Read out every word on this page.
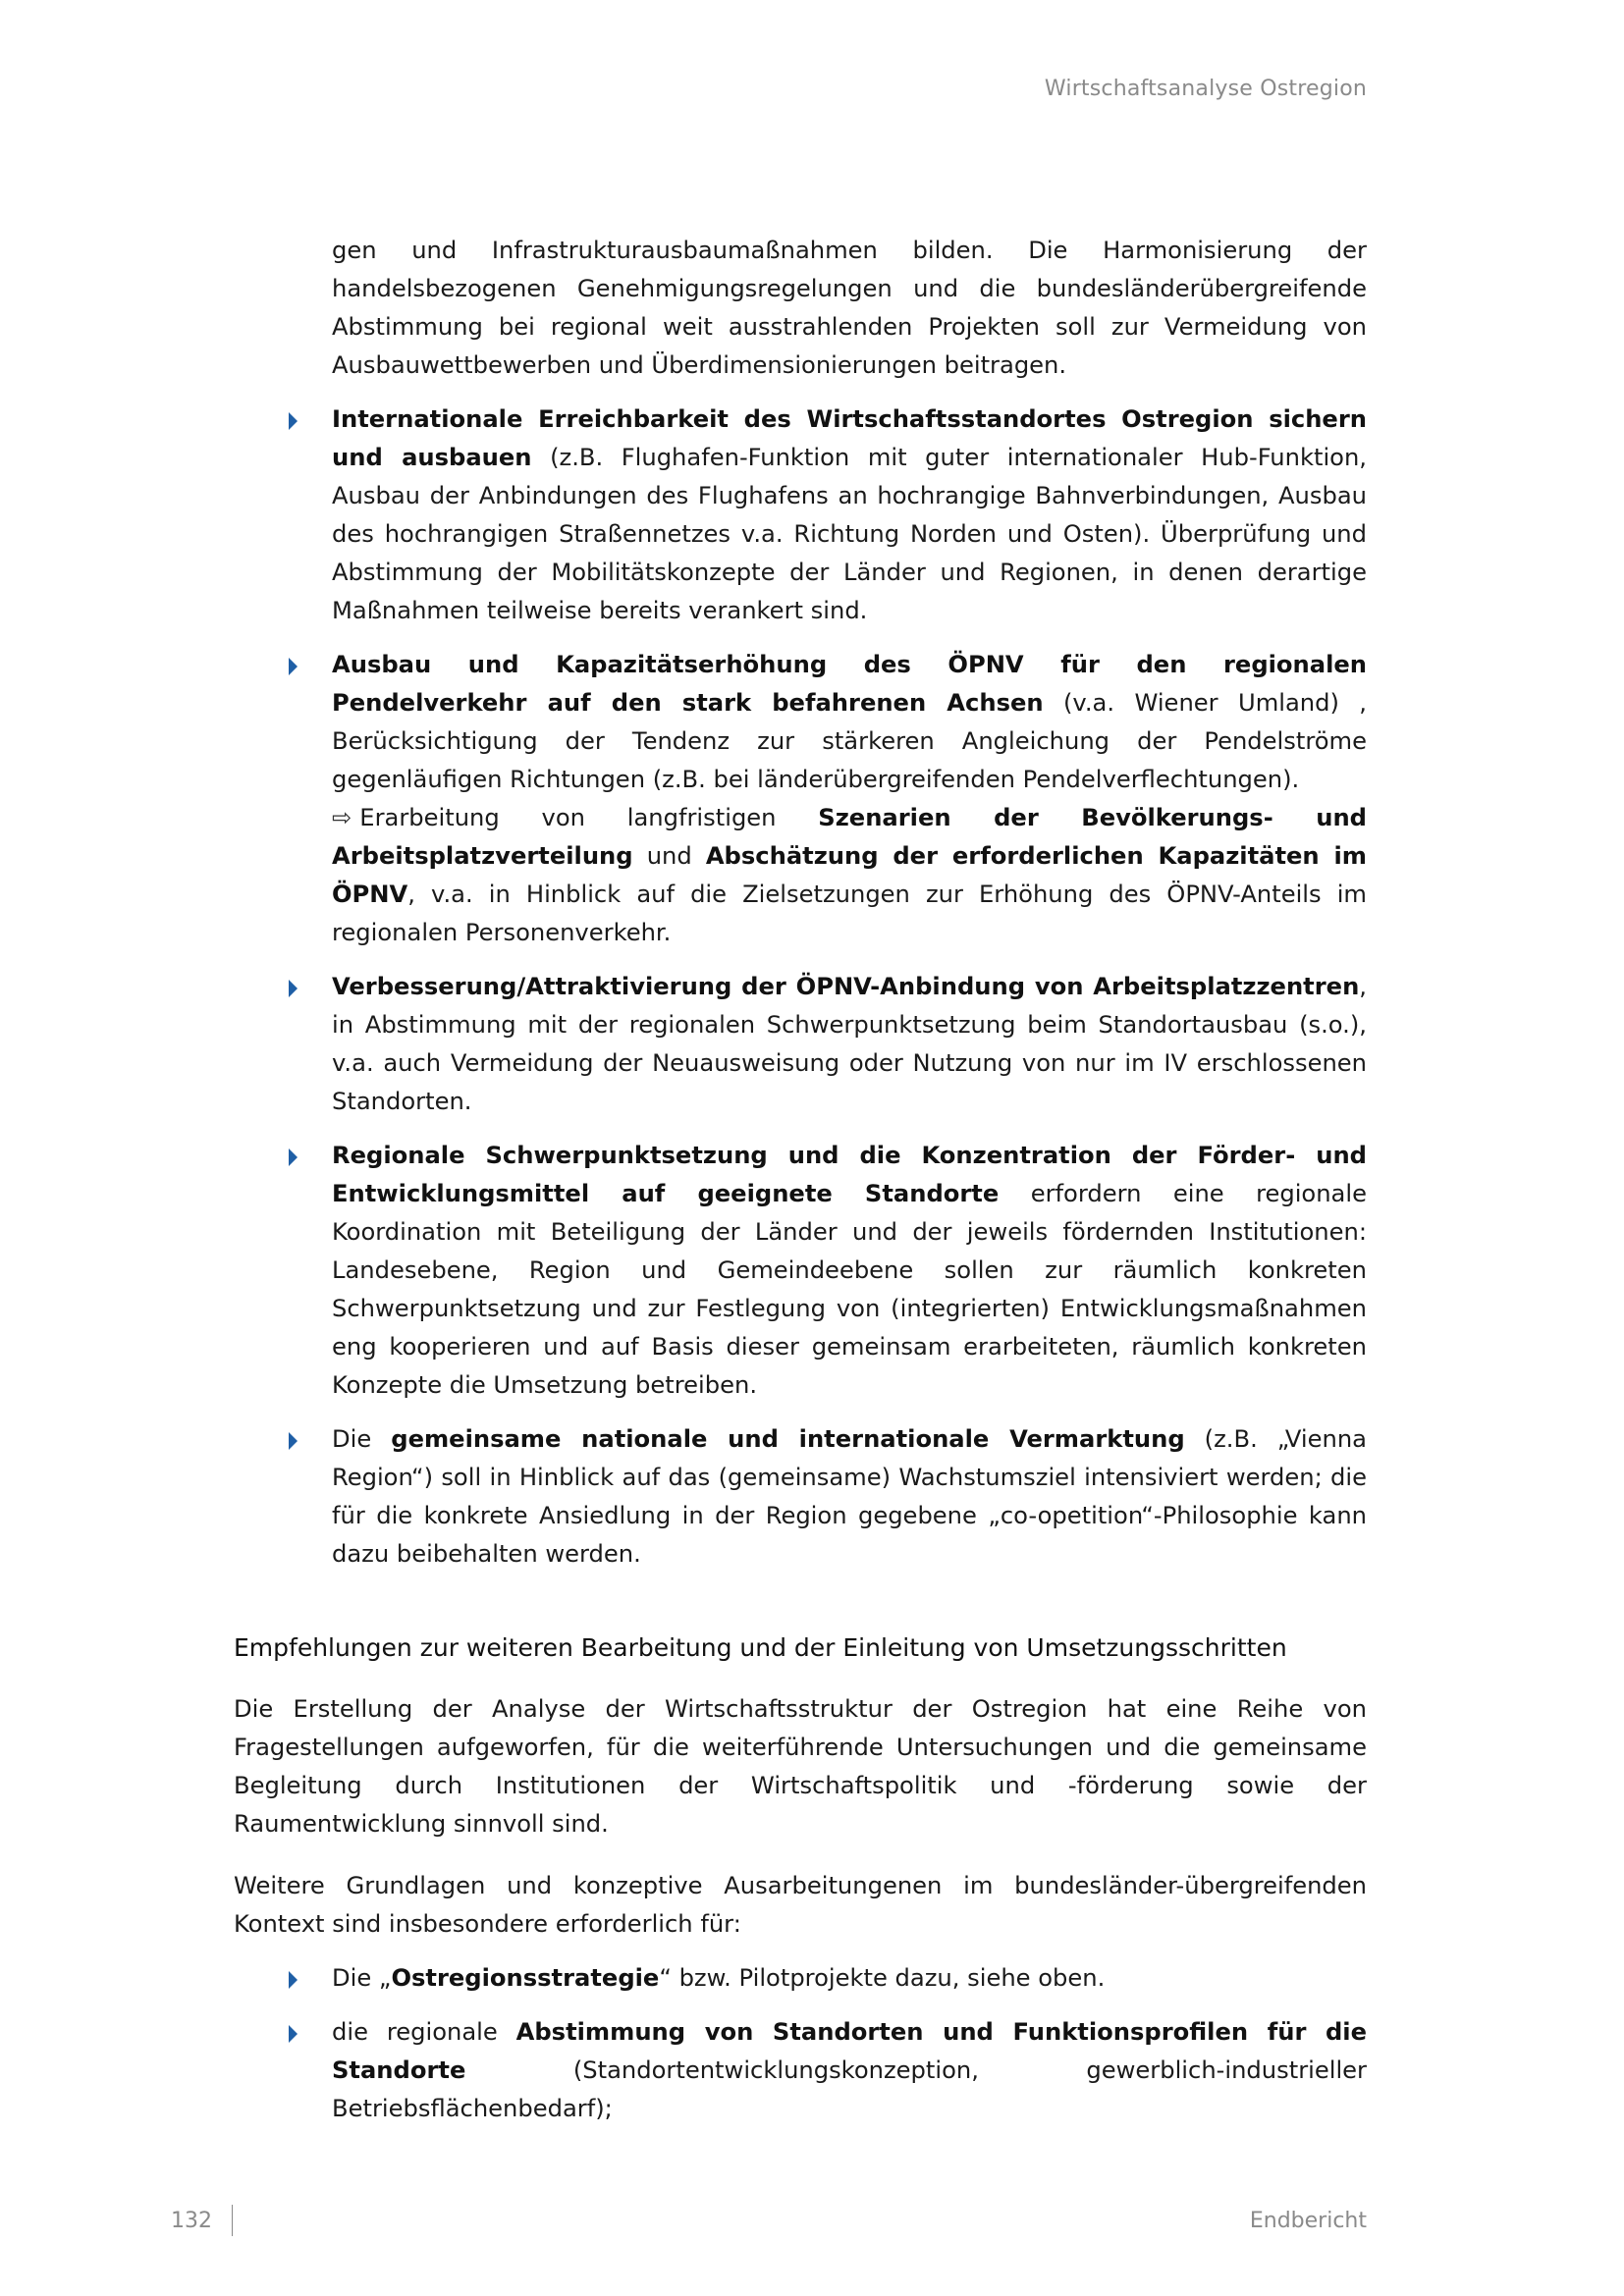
Wirtschaftsanalyse Ostregion

gen und Infrastrukturausbaumaßnahmen bilden. Die Harmonisierung der handelsbezogenen Genehmigungsregelungen und die bundesländerübergreifende Abstimmung bei regional weit ausstrahlenden Projekten soll zur Vermeidung von Ausbauwettbewerben und Überdimensionierungen beitragen.

Internationale Erreichbarkeit des Wirtschaftsstandortes Ostregion sichern und ausbauen (z.B. Flughafen-Funktion mit guter internationaler Hub-Funktion, Ausbau der Anbindungen des Flughafens an hochrangige Bahnverbindungen, Ausbau des hochrangigen Straßennetzes v.a. Richtung Norden und Osten). Überprüfung und Abstimmung der Mobilitätskonzepte der Länder und Regionen, in denen derartige Maßnahmen teilweise bereits verankert sind.
Ausbau und Kapazitätserhöhung des ÖPNV für den regionalen Pendelverkehr auf den stark befahrenen Achsen (v.a. Wiener Umland) , Berücksichtigung der Tendenz zur stärkeren Angleichung der Pendelströme gegenläufigen Richtungen (z.B. bei länderübergreifenden Pendelverflechtungen).
⇨ Erarbeitung von langfristigen Szenarien der Bevölkerungs- und Arbeitsplatzverteilung und Abschätzung der erforderlichen Kapazitäten im ÖPNV, v.a. in Hinblick auf die Zielsetzungen zur Erhöhung des ÖPNV-Anteils im regionalen Personenverkehr.
Verbesserung/Attraktivierung der ÖPNV-Anbindung von Arbeitsplatzzentren, in Abstimmung mit der regionalen Schwerpunktsetzung beim Standortausbau (s.o.), v.a. auch Vermeidung der Neuausweisung oder Nutzung von nur im IV erschlossenen Standorten.
Regionale Schwerpunktsetzung und die Konzentration der Förder- und Entwicklungsmittel auf geeignete Standorte erfordern eine regionale Koordination mit Beteiligung der Länder und der jeweils fördernden Institutionen: Landesebene, Region und Gemeindeebene sollen zur räumlich konkreten Schwerpunktsetzung und zur Festlegung von (integrierten) Entwicklungsmaßnahmen eng kooperieren und auf Basis dieser gemeinsam erarbeiteten, räumlich konkreten Konzepte die Umsetzung betreiben.
Die gemeinsame nationale und internationale Vermarktung (z.B. „Vienna Region“) soll in Hinblick auf das (gemeinsame) Wachstumsziel intensiviert werden; die für die konkrete Ansiedlung in der Region gegebene „co-opetition“-Philosophie kann dazu beibehalten werden.
Empfehlungen zur weiteren Bearbeitung und der Einleitung von Umsetzungsschritten

Die Erstellung der Analyse der Wirtschaftsstruktur der Ostregion hat eine Reihe von Fragestellungen aufgeworfen, für die weiterführende Untersuchungen und die gemeinsame Begleitung durch Institutionen der Wirtschaftspolitik und -förderung sowie der Raumentwicklung sinnvoll sind.

Weitere Grundlagen und konzeptive Ausarbeitungenen im bundesländer-übergreifenden Kontext sind insbesondere erforderlich für:

Die „Ostregionsstrategie“ bzw. Pilotprojekte dazu, siehe oben.
die regionale Abstimmung von Standorten und Funktionsprofilen für die Standorte (Standortentwicklungskonzeption, gewerblich-industrieller Betriebsflächenbedarf);
132	Endbericht
